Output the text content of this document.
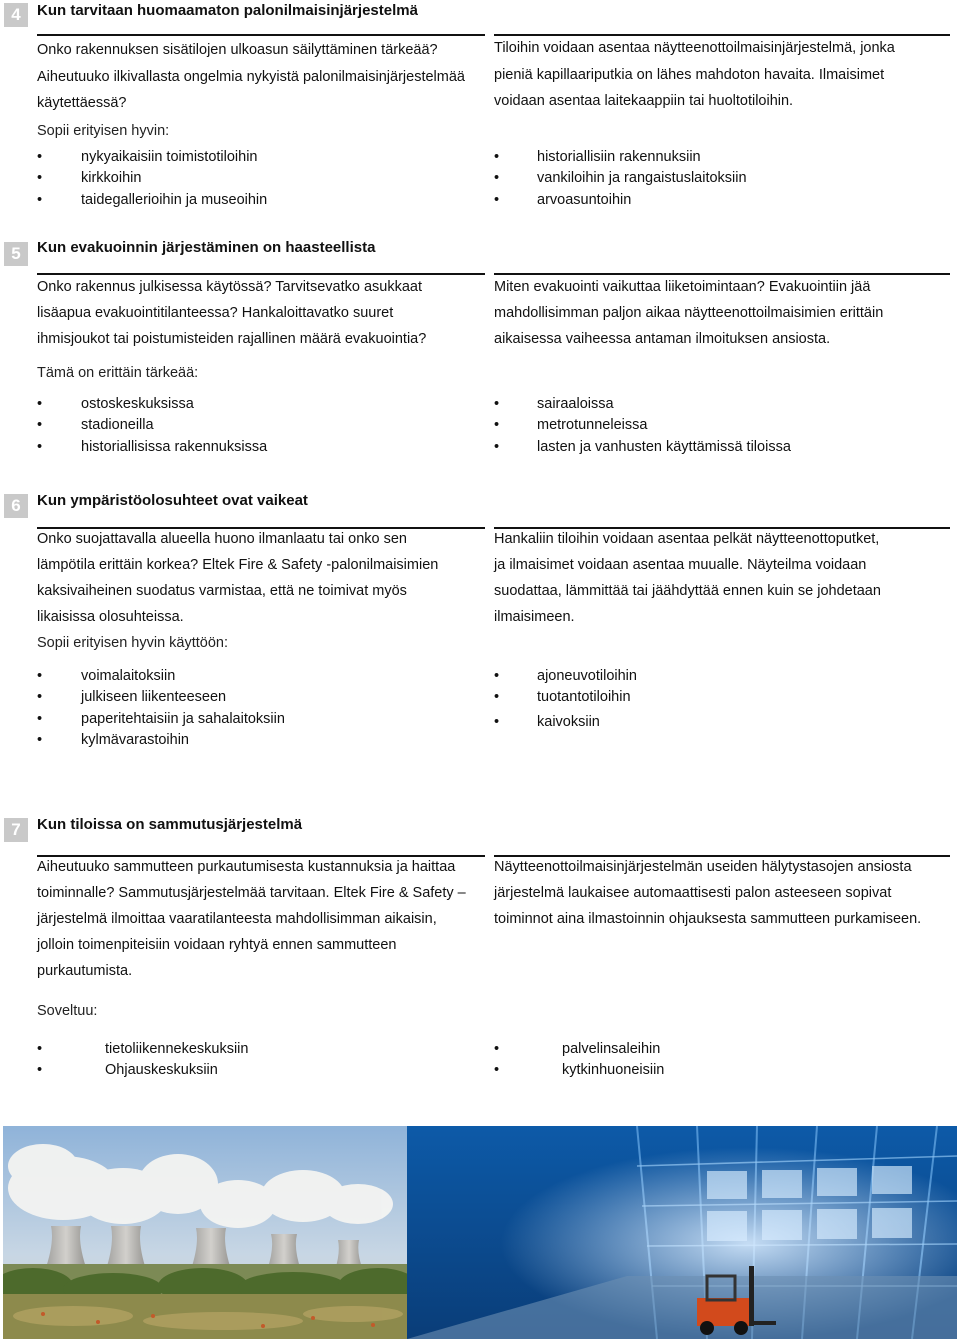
4	Kun tarvitaan huomaamaton palonilmaisinjärjestelmä
Onko rakennuksen sisätilojen ulkoasun säilyttäminen tärkeää?
Aiheutuuko ilkivallasta ongelmia nykyistä palonilmaisinjärjestelmää
käytettäessä?
Tiloihin voidaan asentaa näytteenottoilmaisinjärjestelmä, jonka
pieniä kapillaariputkia on lähes mahdoton havaita. Ilmaisimet
voidaan asentaa laitekaappiin tai huoltotiloihin.
Sopii erityisen hyvin:
•	nykyaikaisiin toimistotiloihin
•	kirkkoihin
•	taidegallerioihin ja museoihin
•	historiallisiin rakennuksiin
•	vankiloihin ja rangaistuslaitoksiin
•	arvoasuntoihin
5	Kun evakuoinnin järjestäminen on haasteellista
Onko rakennus julkisessa käytössä? Tarvitsevatko asukkaat
lisäapua evakuointitilanteessa? Hankaloittavatko suuret
ihmisjoukot tai poistumisteiden rajallinen määrä evakuointia?
Miten evakuointi vaikuttaa liiketoimintaan? Evakuointiin jää
mahdollisimman paljon aikaa näytteenottoilmaisimien erittäin
aikaisessa vaiheessa antaman ilmoituksen ansiosta.
Tämä on erittäin tärkeää:
•	ostoskeskuksissa
•	stadioneilla
•	historiallisissa rakennuksissa
•	sairaaloissa
•	metrotunneleissa
•	lasten ja vanhusten käyttämissä tiloissa
6	Kun ympäristöolosuhteet ovat vaikeat
Onko suojattavalla alueella huono ilmanlaatu tai onko sen
lämpötila erittäin korkea? Eltek Fire & Safety -palonilmaisimien
kaksivaiheinen suodatus varmistaa, että ne toimivat myös
likaisissa olosuhteissa.
Hankaliin tiloihin voidaan asentaa pelkät näytteenottoputket,
ja ilmaisimet voidaan asentaa muualle. Näyteilma voidaan
suodattaa, lämmittää tai jäähdyttää ennen kuin se johdetaan
ilmaisimeen.
Sopii erityisen hyvin käyttöön:
•	voimalaitoksiin
•	julkiseen liikenteeseen
•	paperitehtaisiin ja sahalaitoksiin
•	kylmävarastoihin
•	ajoneuvotiloihin
•	tuotantotiloihin
•	kaivoksiin
7	Kun tiloissa on sammutusjärjestelmä
Aiheutuuko sammutteen purkautumisesta kustannuksia ja haittaa
toiminnalle? Sammutusjärjestelmää tarvitaan. Eltek Fire & Safety –
järjestelmä ilmoittaa vaaratilanteesta mahdollisimman aikaisin,
jolloin toimenpiteisiin voidaan ryhtyä ennen sammutteen
purkautumista.
Näytteenottoilmaisinjärjestelmän useiden hälytystasojen ansiosta
järjestelmä laukaisee automaattisesti palon asteeseen sopivat
toiminnot aina ilmastoinnin ohjauksesta sammutteen purkamiseen.
Soveltuu:
•	tietoliikennekeskuksiin
•	Ohjauskeskuksiin
•	palvelinsaleihin
•	kytkinhuoneisiin
